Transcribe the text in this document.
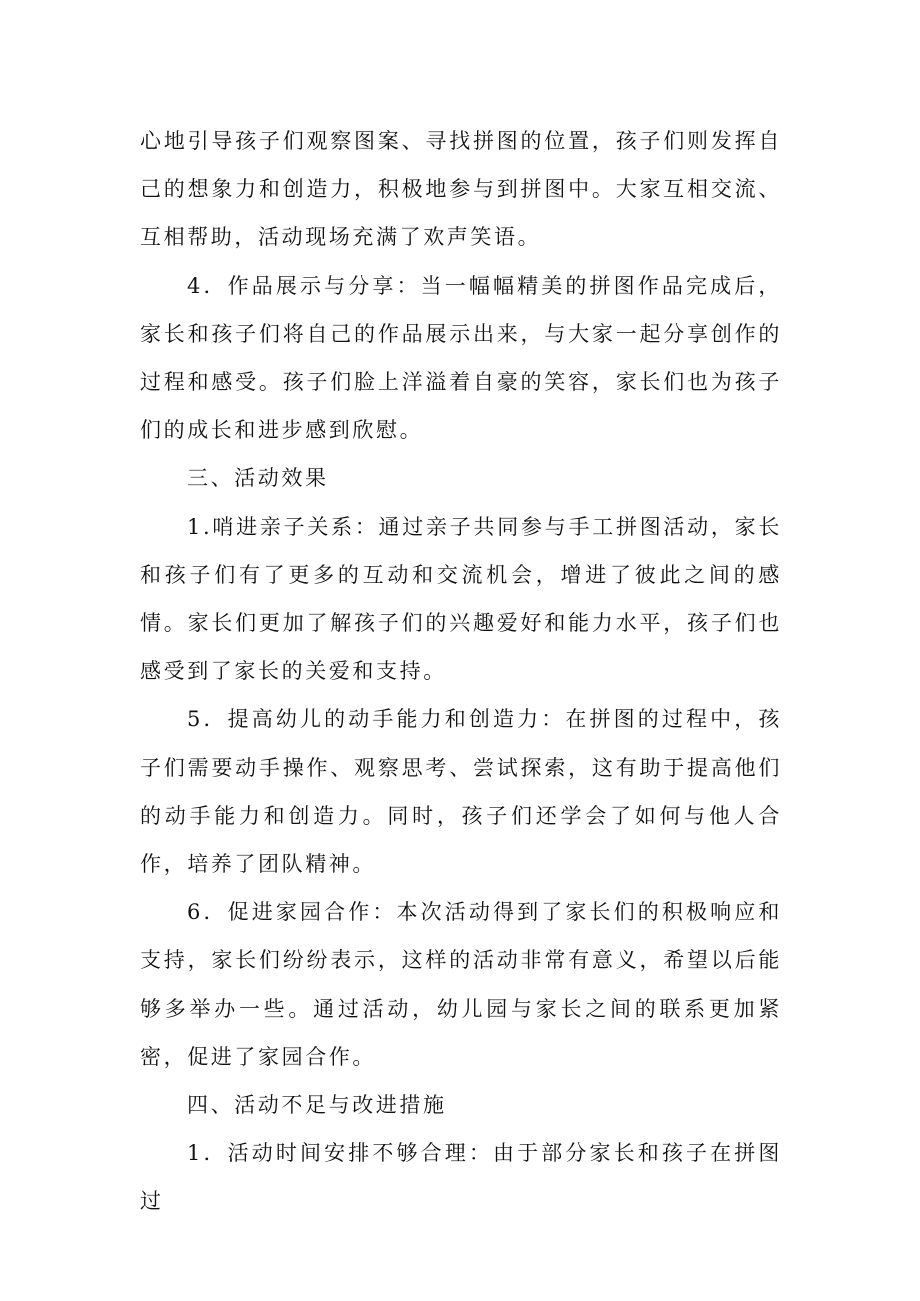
心地引导孩子们观察图案、寻找拼图的位置，孩子们则发挥自己的想象力和创造力，积极地参与到拼图中。大家互相交流、互相帮助，活动现场充满了欢声笑语。

4．作品展示与分享：当一幅幅精美的拼图作品完成后，家长和孩子们将自己的作品展示出来，与大家一起分享创作的过程和感受。孩子们脸上洋溢着自豪的笑容，家长们也为孩子们的成长和进步感到欣慰。

三、活动效果

1.哨进亲子关系：通过亲子共同参与手工拼图活动，家长和孩子们有了更多的互动和交流机会，增进了彼此之间的感情。家长们更加了解孩子们的兴趣爱好和能力水平，孩子们也感受到了家长的关爱和支持。

5．提高幼儿的动手能力和创造力：在拼图的过程中，孩子们需要动手操作、观察思考、尝试探索，这有助于提高他们的动手能力和创造力。同时，孩子们还学会了如何与他人合作，培养了团队精神。

6．促进家园合作：本次活动得到了家长们的积极响应和支持，家长们纷纷表示，这样的活动非常有意义，希望以后能够多举办一些。通过活动，幼儿园与家长之间的联系更加紧密，促进了家园合作。

四、活动不足与改进措施

1．活动时间安排不够合理：由于部分家长和孩子在拼图过
